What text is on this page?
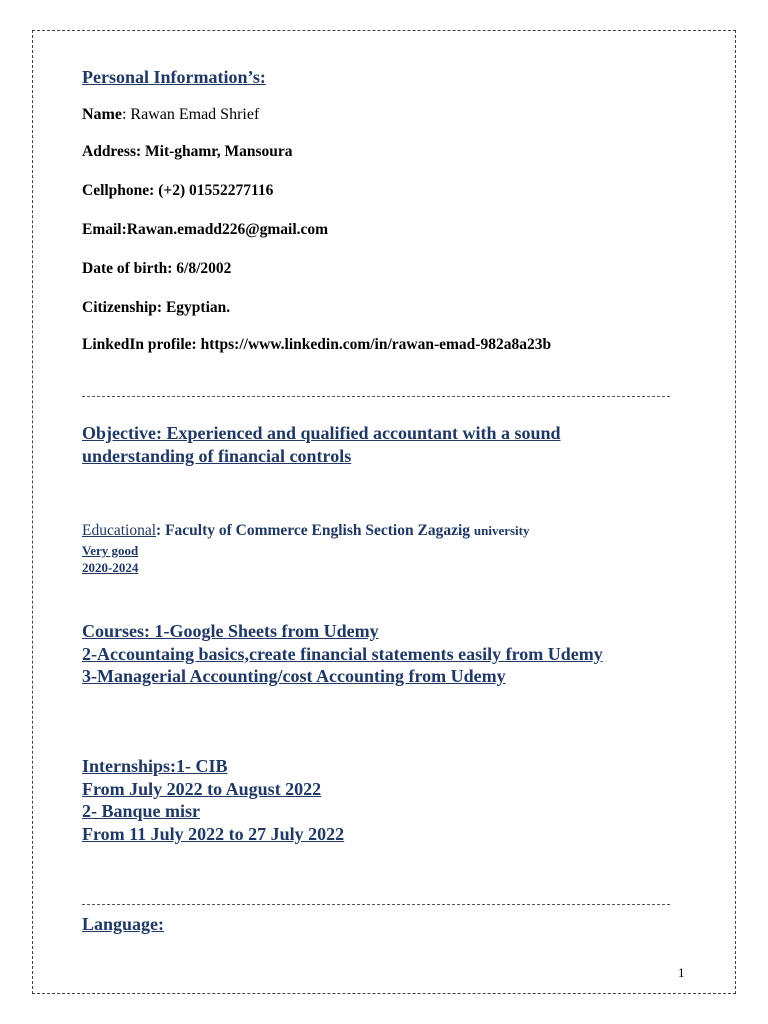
Personal Information’s:
Name: Rawan Emad Shrief
Address: Mit-ghamr, Mansoura
Cellphone: (+2) 01552277116
Email:Rawan.emadd226@gmail.com
Date of birth: 6/8/2002
Citizenship: Egyptian.
LinkedIn profile: https://www.linkedin.com/in/rawan-emad-982a8a23b
Objective: Experienced and qualified accountant with a sound
understanding of financial controls
Educational: Faculty of Commerce English Section Zagazig university
Very good
2020-2024
Courses: 1-Google Sheets from Udemy
2-Accountaing basics,create financial statements easily from Udemy
3-Managerial Accounting/cost Accounting from Udemy
Internships:1- CIB
From July 2022 to August 2022
2- Banque misr
From 11 July 2022 to 27 July 2022
Language:
1
